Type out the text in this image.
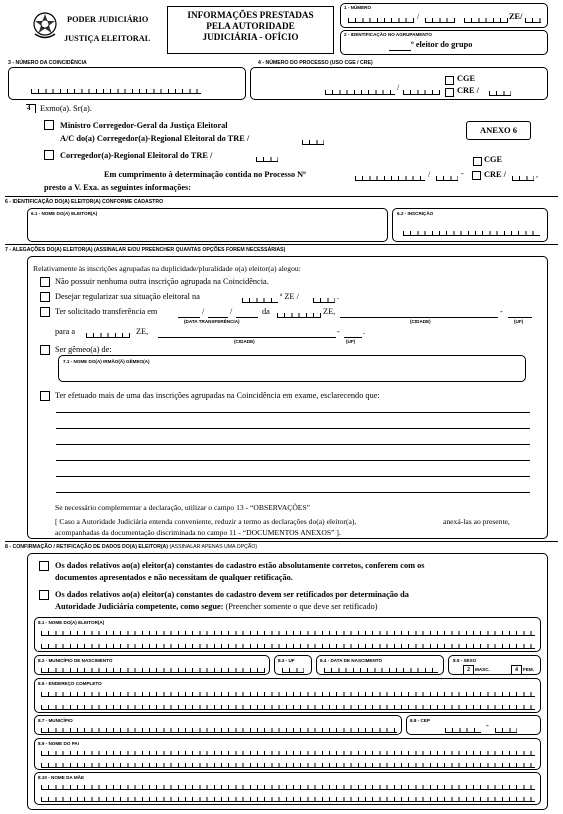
PODER JUDICIÁRIO
JUSTIÇA ELEITORAL
INFORMAÇÕES PRESTADAS
PELA AUTORIDADE
JUDICIÁRIA - OFÍCIO
1 - NÚMERO
/	ZE/
2 - IDENTIFICAÇÃO NO AGRUPAMENTO
º eleitor do grupo
3 - NÚMERO DA COINCIDÊNCIA	4 - NÚMERO DO PROCESSO (USO CGE / CRE)
/
CGE
CRE /
4 Exmo(a). Sr(a).
Ministro Corregedor-Geral da Justiça Eleitoral
A/C do(a) Corregedor(a)-Regional Eleitoral do TRE /
Corregedor(a)-Regional Eleitoral do TRE /
ANEXO 6
CGE
Em cumprimento à determinação contida no Processo Nº	/	- CRE /	,
presto a V. Exa. as seguintes informações:
6 - IDENTIFICAÇÃO DO(A) ELEITOR(A) CONFORME CADASTRO
6.1 - NOME DO(A) ELEITOR(A)	6.2 - INSCRIÇÃO
7 - ALEGAÇÕES DO(A) ELEITOR(A) (ASSINALAR E/OU PREENCHER QUANTAS OPÇÕES FOREM NECESSÁRIAS)
Relativamente às inscrições agrupadas na duplicidade/pluralidade o(a) eleitor(a) alegou:
Não possuir nenhuma outra inscrição agrupada na Coincidência.
Desejar regularizar sua situação eleitoral na	ª ZE /	.
Ter solicitado transferência em	/	/	da	ZE,	-
(DATA TRANSFERÊNCIA)	(CIDADE)	(UF)
para a	ZE,	-	.
(CIDADE)	(UF)
Ser gêmeo(a) de:
7.1 - NOME DO(A) IRMÃO(Ã) GÊMEO(A)
Ter efetuado mais de uma das inscrições agrupadas na Coincidência em exame, esclarecendo que:
Se necessário complementar a declaração, utilizar o campo 13 - “OBSERVAÇÕES”
[ Caso a Autoridade Judiciária entenda conveniente, reduzir a termo as declarações do(a) eleitor(a),	anexá-las ao presente,
acompanhadas da documentação discriminada no campo 11 - “DOCUMENTOS ANEXOS” ].
8 - CONFIRMAÇÃO / RETIFICAÇÃO DE DADOS DO(A) ELEITOR(A) (ASSINALAR APENAS UMA OPÇÃO)
Os dados relativos ao(a) eleitor(a) constantes do cadastro estão absolutamente corretos, conferem com os
documentos apresentados e não necessitam de qualquer retificação.
Os dados relativos ao(a) eleitor(a) constantes do cadastro devem ser retificados por determinação da
Autoridade Judiciária competente, como segue: (Preencher somente o que deve ser retificado)
8.1 - NOME DO(A) ELEITOR(A)
8.2 - MUNICÍPIO DE NASCIMENTO	8.3 - UF	8.4 - DATA DE NASCIMENTO	8.5 - SEXO
2	MASC.	4	FEM.
8.6 - ENDEREÇO COMPLETO
8.7 - MUNICÍPIO	8.8 - CEP
-
8.9 - NOME DO PAI
8.10 - NOME DA MÃE
